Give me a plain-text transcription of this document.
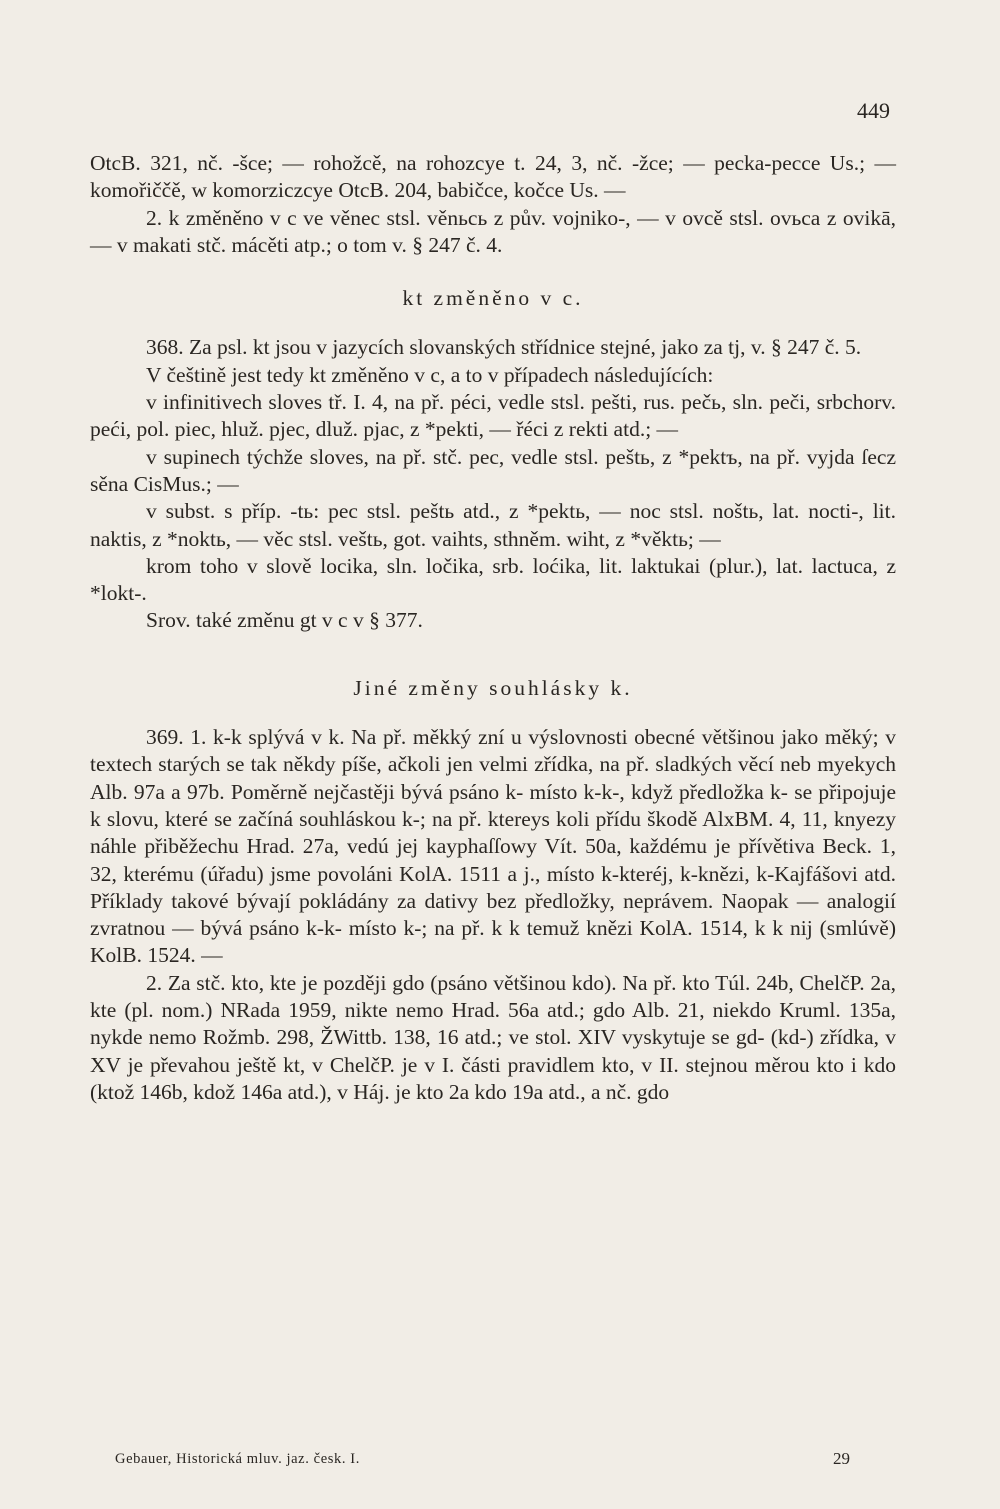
449

OtcB. 321, nč. -šce; — rohožcě, na rohozcye t. 24, 3, nč. -žce; — pecka-pecce Us.; — komořiččě, w komorziczcye OtcB. 204, babičce, kočce Us. —

2. k změněno v c ve věnec stsl. věnьcь z pův. vojniko-, — v ovcě stsl. ovьca z ovikā, — v makati stč. mácěti atp.; o tom v. § 247 č. 4.

kt změněno v c.

368. Za psl. kt jsou v jazycích slovanských střídnice stejné, jako za tj, v. § 247 č. 5.

V češtině jest tedy kt změněno v c, a to v případech následujících:

v infinitivech sloves tř. I. 4, na př. péci, vedle stsl. pešti, rus. pečь, sln. peči, srbchorv. peći, pol. piec, hluž. pjec, dluž. pjac, z *pekti, — řéci z rekti atd.; —

v supinech týchže sloves, na př. stč. pec, vedle stsl. peštь, z *pektъ, na př. vyjda ſecz sěna CisMus.; —

v subst. s příp. -tь: pec stsl. peštь atd., z *pektь, — noc stsl. noštь, lat. nocti-, lit. naktis, z *noktь, — věc stsl. veštь, got. vaihts, sthněm. wiht, z *věktь; —

krom toho v slově locika, sln. ločika, srb. loćika, lit. laktukai (plur.), lat. lactuca, z *lokt-.

Srov. také změnu gt v c v § 377.

Jiné změny souhlásky k.

369. 1. k-k splývá v k. Na př. měkký zní u výslovnosti obecné většinou jako měký; v textech starých se tak někdy píše, ačkoli jen velmi zřídka, na př. sladkých věcí neb myekych Alb. 97a a 97b. Poměrně nejčastěji bývá psáno k- místo k-k-, když předložka k- se připojuje k slovu, které se začíná souhláskou k-; na př. ktereys koli přídu škodě AlxBM. 4, 11, knyezy náhle přiběžechu Hrad. 27a, vedú jej kayphaſſowy Vít. 50a, každému je přívětiva Beck. 1, 32, kterému (úřadu) jsme povoláni KolA. 1511 a j., místo k-kteréj, k-knězi, k-Kajfášovi atd. Příklady takové bývají pokládány za dativy bez předložky, neprávem. Naopak — analogií zvratnou — bývá psáno k-k- místo k-; na př. k k temuž knězi KolA. 1514, k k nij (smlúvě) KolB. 1524. —

2. Za stč. kto, kte je později gdo (psáno většinou kdo). Na př. kto Túl. 24b, ChelčP. 2a, kte (pl. nom.) NRada 1959, nikte nemo Hrad. 56a atd.; gdo Alb. 21, niekdo Kruml. 135a, nykde nemo Rožmb. 298, ŽWittb. 138, 16 atd.; ve stol. XIV vyskytuje se gd- (kd-) zřídka, v XV je převahou ještě kt, v ChelčP. je v I. části pravidlem kto, v II. stejnou měrou kto i kdo (ktož 146b, kdož 146a atd.), v Háj. je kto 2a kdo 19a atd., a nč. gdo

Gebauer, Historická mluv. jaz. česk. I.	29
